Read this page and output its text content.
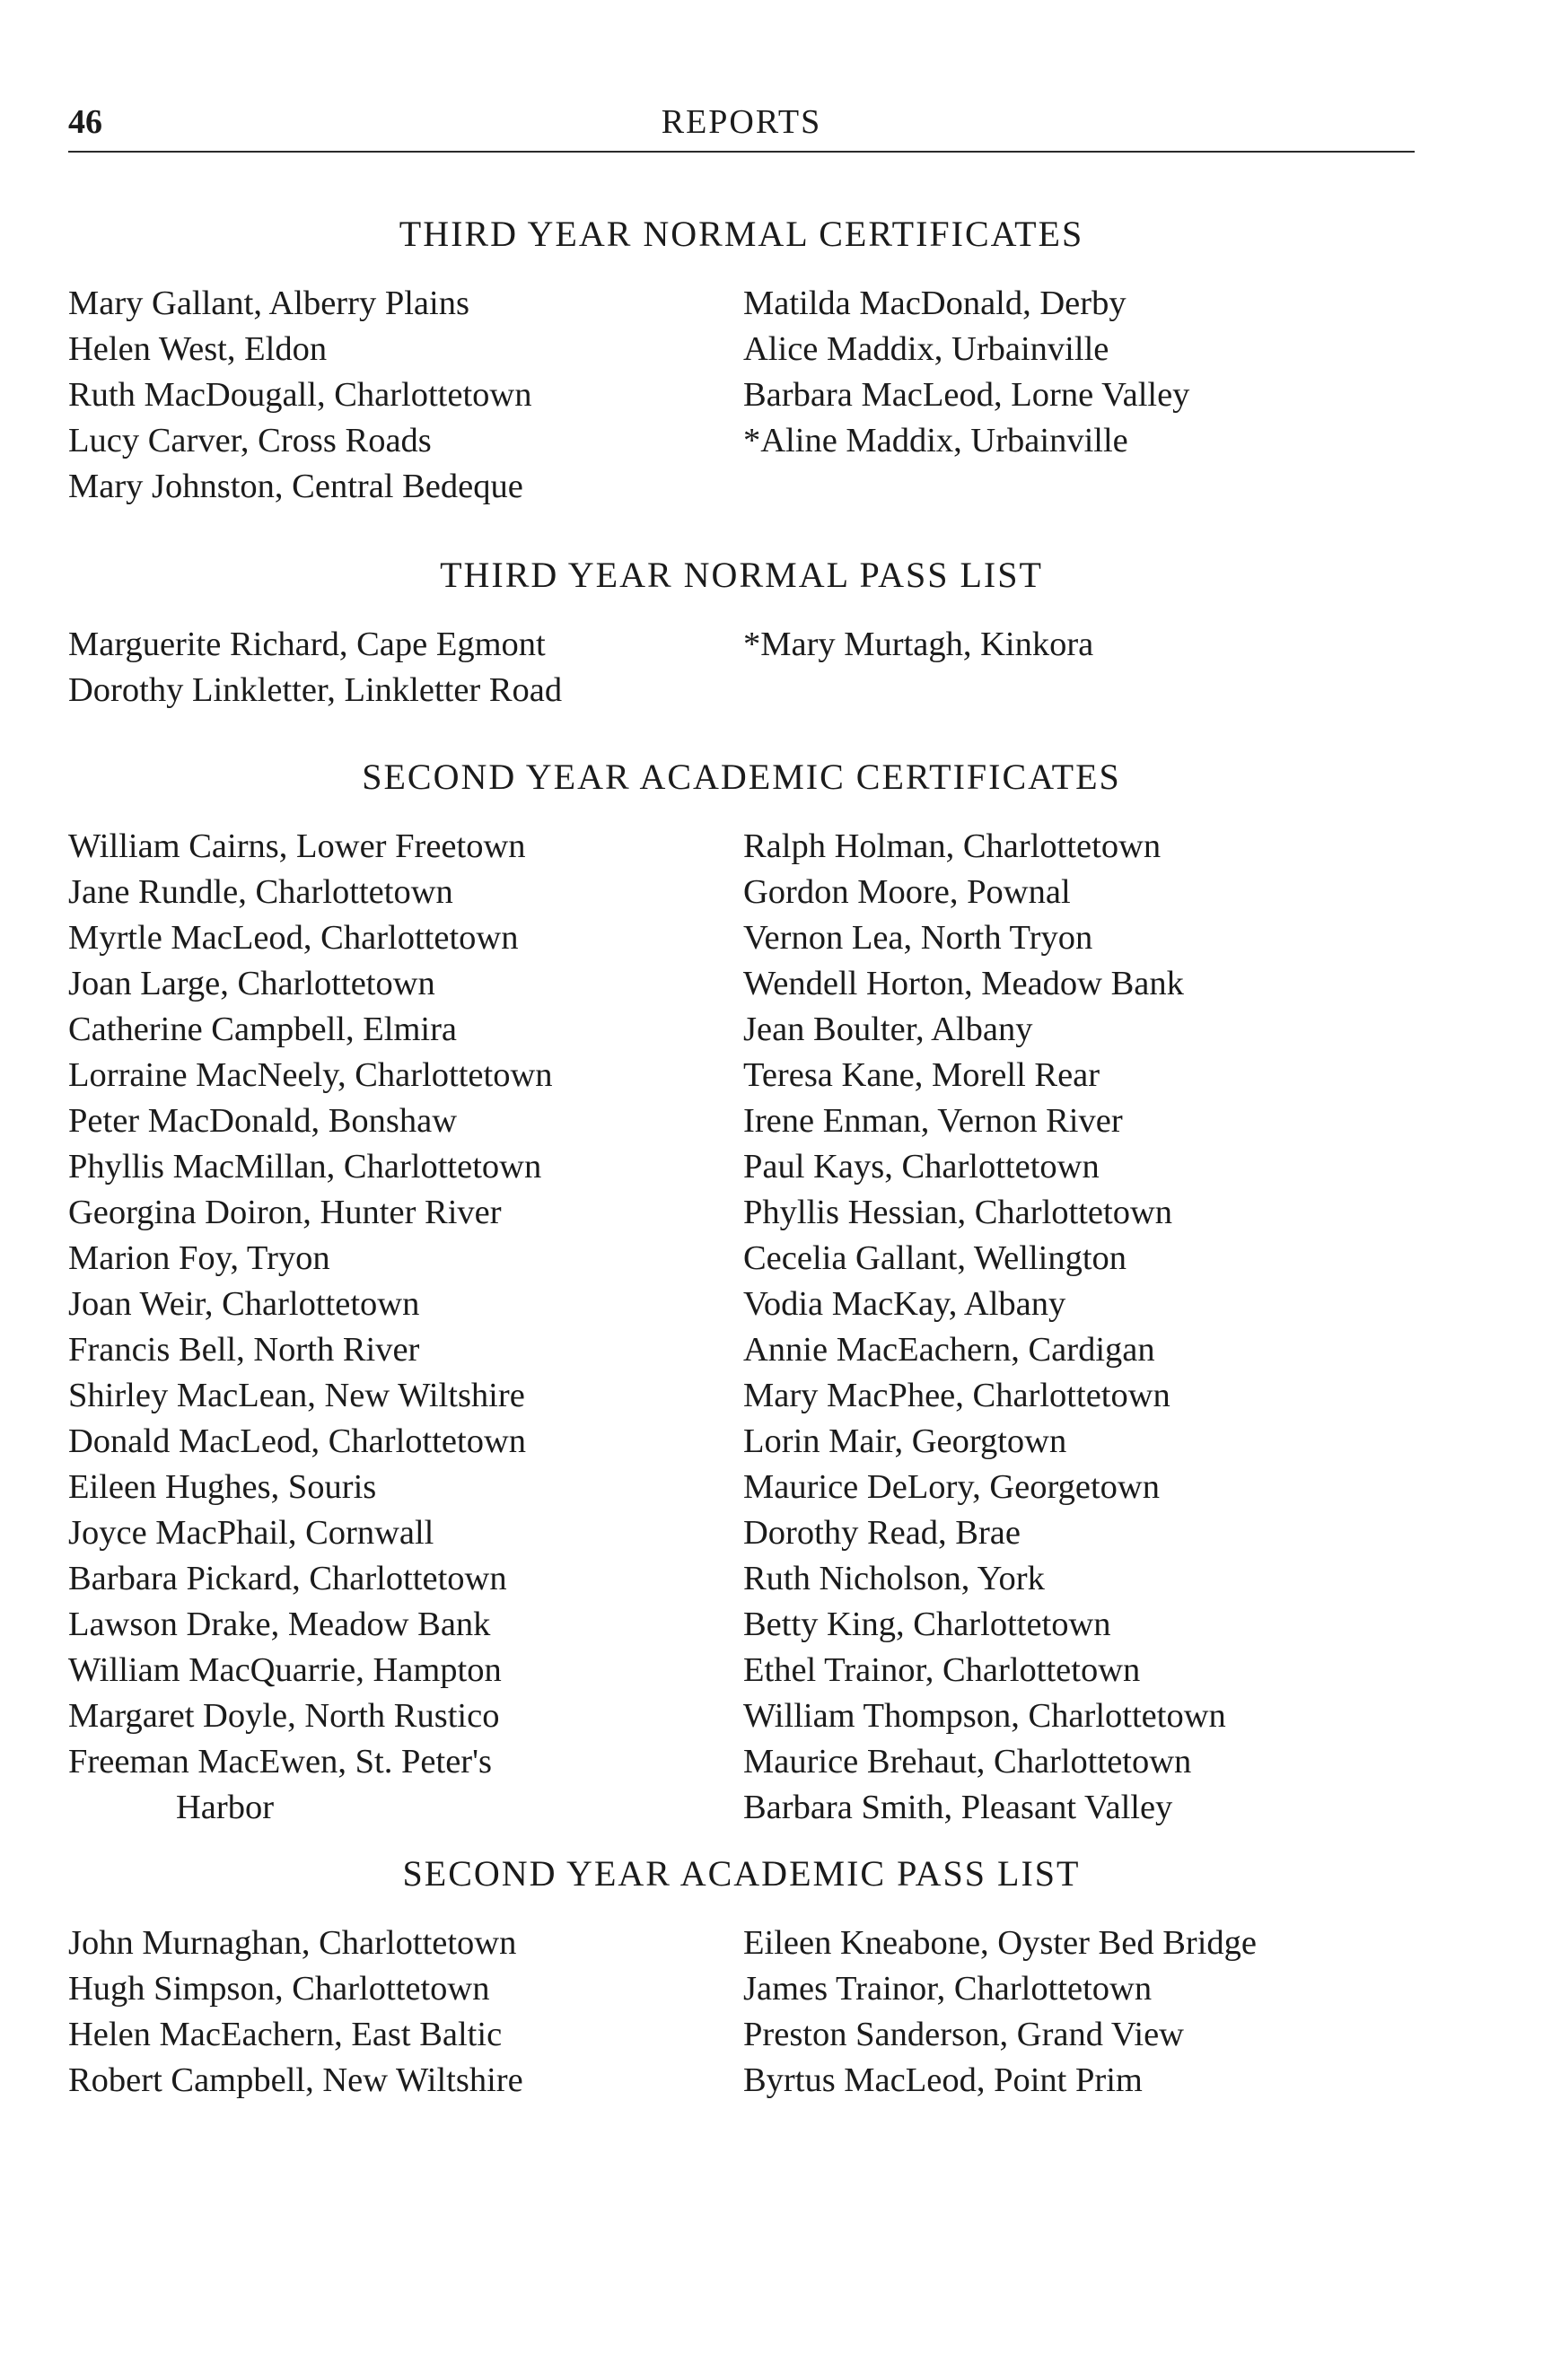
46	REPORTS
THIRD YEAR NORMAL CERTIFICATES
Mary Gallant, Alberry Plains
Helen West, Eldon
Ruth MacDougall, Charlottetown
Lucy Carver, Cross Roads
Mary Johnston, Central Bedeque
Matilda MacDonald, Derby
Alice Maddix, Urbainville
Barbara MacLeod, Lorne Valley
*Aline Maddix, Urbainville
THIRD YEAR NORMAL PASS LIST
Marguerite Richard, Cape Egmont
Dorothy Linkletter, Linkletter Road
*Mary Murtagh, Kinkora
SECOND YEAR ACADEMIC CERTIFICATES
William Cairns, Lower Freetown
Jane Rundle, Charlottetown
Myrtle MacLeod, Charlottetown
Joan Large, Charlottetown
Catherine Campbell, Elmira
Lorraine MacNeely, Charlottetown
Peter MacDonald, Bonshaw
Phyllis MacMillan, Charlottetown
Georgina Doiron, Hunter River
Marion Foy, Tryon
Joan Weir, Charlottetown
Francis Bell, North River
Shirley MacLean, New Wiltshire
Donald MacLeod, Charlottetown
Eileen Hughes, Souris
Joyce MacPhail, Cornwall
Barbara Pickard, Charlottetown
Lawson Drake, Meadow Bank
William MacQuarrie, Hampton
Margaret Doyle, North Rustico
Freeman MacEwen, St. Peter's
Harbor
Ralph Holman, Charlottetown
Gordon Moore, Pownal
Vernon Lea, North Tryon
Wendell Horton, Meadow Bank
Jean Boulter, Albany
Teresa Kane, Morell Rear
Irene Enman, Vernon River
Paul Kays, Charlottetown
Phyllis Hessian, Charlottetown
Cecelia Gallant, Wellington
Vodia MacKay, Albany
Annie MacEachern, Cardigan
Mary MacPhee, Charlottetown
Lorin Mair, Georgtown
Maurice DeLory, Georgetown
Dorothy Read, Brae
Ruth Nicholson, York
Betty King, Charlottetown
Ethel Trainor, Charlottetown
William Thompson, Charlottetown
Maurice Brehaut, Charlottetown
Barbara Smith, Pleasant Valley
SECOND YEAR ACADEMIC PASS LIST
John Murnaghan, Charlottetown
Hugh Simpson, Charlottetown
Helen MacEachern, East Baltic
Robert Campbell, New Wiltshire
Eileen Kneabone, Oyster Bed Bridge
James Trainor, Charlottetown
Preston Sanderson, Grand View
Byrtus MacLeod, Point Prim
